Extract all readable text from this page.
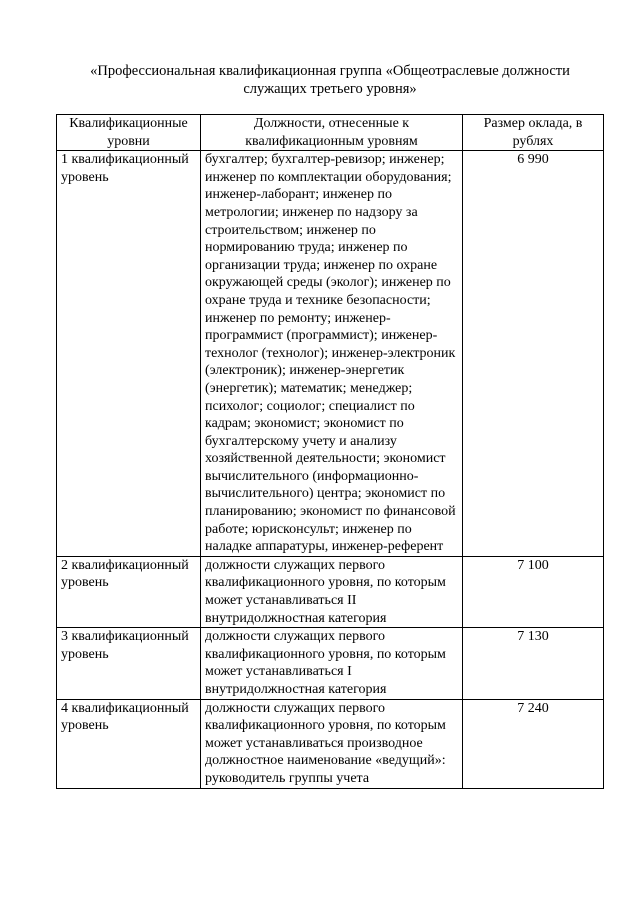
«Профессиональная квалификационная группа «Общеотраслевые должности служащих третьего уровня»
Квалификационные уровни	Должности, отнесенные к квалификационным уровням	Размер оклада, в рублях
1 квалификационный уровень	бухгалтер; бухгалтер-ревизор; инженер; инженер по комплектации оборудования; инженер-лаборант; инженер по метрологии; инженер по надзору за строительством; инженер по нормированию труда; инженер по организации труда; инженер по охране окружающей среды (эколог); инженер по охране труда и технике безопасности; инженер по ремонту; инженер-программист (программист); инженер-технолог (технолог); инженер-электроник (электроник); инженер-энергетик (энергетик); математик; менеджер; психолог; социолог; специалист по кадрам; экономист; экономист по бухгалтерскому учету и анализу хозяйственной деятельности; экономист вычислительного (информационно-вычислительного) центра; экономист по планированию; экономист по финансовой работе; юрисконсульт; инженер по наладке аппаратуры, инженер-референт	6 990
2 квалификационный уровень	должности служащих первого квалификационного уровня, по которым может устанавливаться II внутридолжностная категория	7 100
3 квалификационный уровень	должности служащих первого квалификационного уровня, по которым может устанавливаться I внутридолжностная категория	7 130
4 квалификационный уровень	должности служащих первого квалификационного уровня, по которым может устанавливаться производное должностное наименование «ведущий»: руководитель группы учета	7 240
